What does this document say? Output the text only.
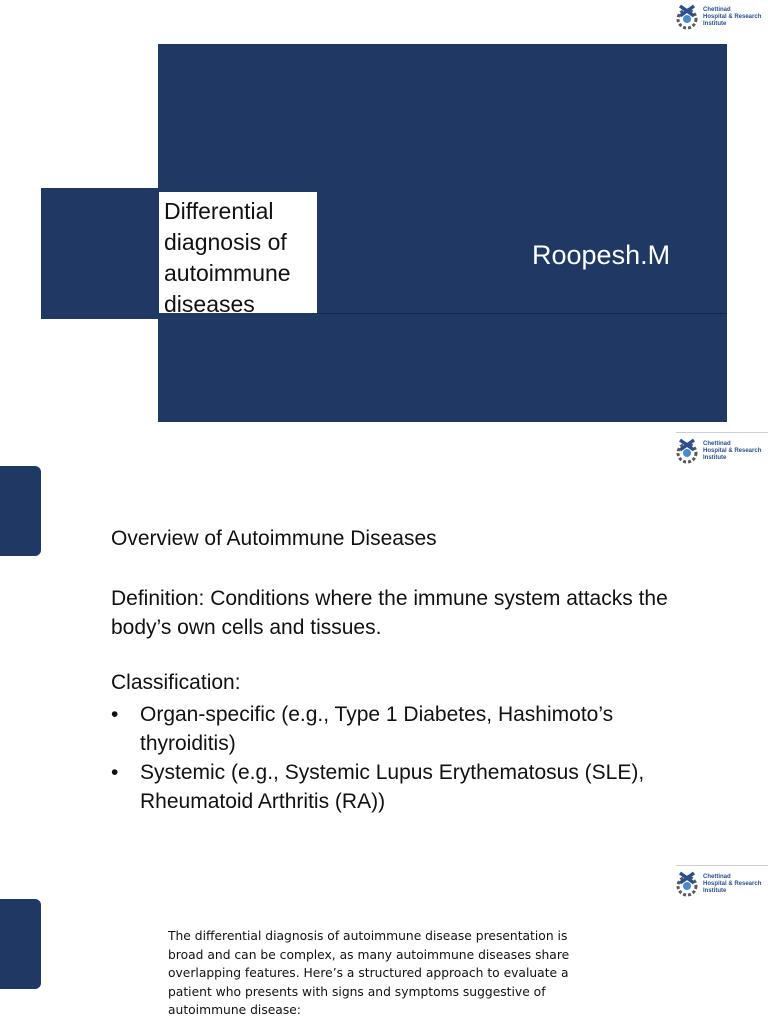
Chettinad
Hospital & Research
Institute
Differential diagnosis of autoimmune diseases
Roopesh.M
Chettinad
Hospital & Research
Institute
Overview of Autoimmune Diseases
Definition: Conditions where the immune system attacks the body’s own cells and tissues.
Classification:
• Organ-specific (e.g., Type 1 Diabetes, Hashimoto’s thyroiditis)
• Systemic (e.g., Systemic Lupus Erythematosus (SLE), Rheumatoid Arthritis (RA))
Chettinad
Hospital & Research
Institute
The differential diagnosis of autoimmune disease presentation is broad and can be complex, as many autoimmune diseases share overlapping features. Here’s a structured approach to evaluate a patient who presents with signs and symptoms suggestive of autoimmune disease:
